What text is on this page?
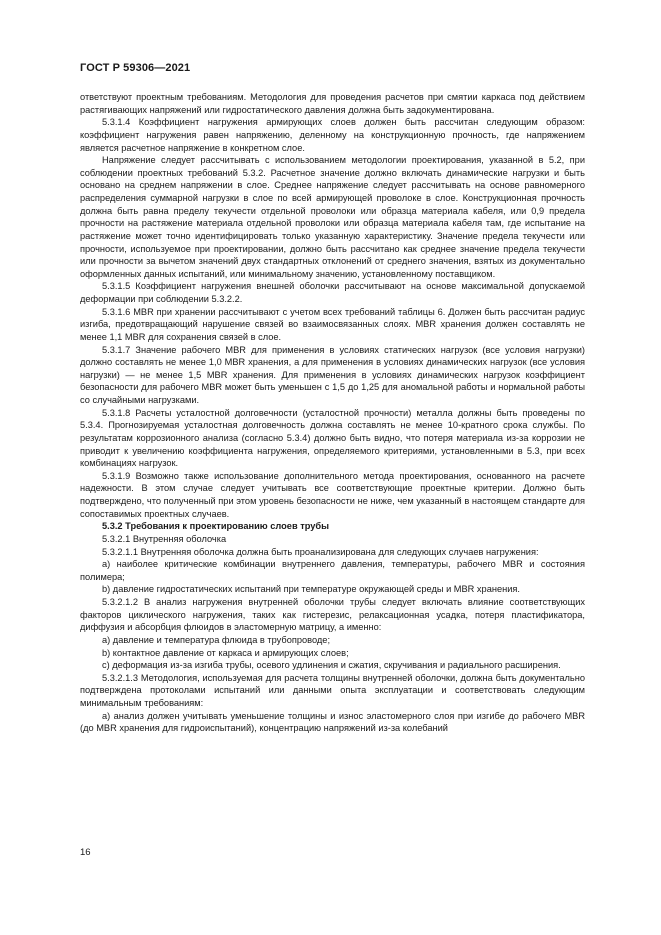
ГОСТ Р 59306—2021

ответствуют проектным требованиям. Методология для проведения расчетов при смятии каркаса под действием растягивающих напряжений или гидростатического давления должна быть задокументирована.

5.3.1.4 Коэффициент нагружения армирующих слоев должен быть рассчитан следующим образом: коэффициент нагружения равен напряжению, деленному на конструкционную прочность, где напряжением является расчетное напряжение в конкретном слое.

Напряжение следует рассчитывать с использованием методологии проектирования, указанной в 5.2, при соблюдении проектных требований 5.3.2. Расчетное значение должно включать динамические нагрузки и быть основано на среднем напряжении в слое. Среднее напряжение следует рассчитывать на основе равномерного распределения суммарной нагрузки в слое по всей армирующей проволоке в слое. Конструкционная прочность должна быть равна пределу текучести отдельной проволоки или образца материала кабеля, или 0,9 предела прочности на растяжение материала отдельной проволоки или образца материала кабеля там, где испытание на растяжение может точно идентифицировать только указанную характеристику. Значение предела текучести или прочности, используемое при проектировании, должно быть рассчитано как среднее значение предела текучести или прочности за вычетом значений двух стандартных отклонений от среднего значения, взятых из документально оформленных данных испытаний, или минимальному значению, установленному поставщиком.

5.3.1.5 Коэффициент нагружения внешней оболочки рассчитывают на основе максимальной допускаемой деформации при соблюдении 5.3.2.2.

5.3.1.6 MBR при хранении рассчитывают с учетом всех требований таблицы 6. Должен быть рассчитан радиус изгиба, предотвращающий нарушение связей во взаимосвязанных слоях. MBR хранения должен составлять не менее 1,1 MBR для сохранения связей в слое.

5.3.1.7 Значение рабочего MBR для применения в условиях статических нагрузок (все условия нагрузки) должно составлять не менее 1,0 MBR хранения, а для применения в условиях динамических нагрузок (все условия нагрузки) — не менее 1,5 MBR хранения. Для применения в условиях динамических нагрузок коэффициент безопасности для рабочего MBR может быть уменьшен с 1,5 до 1,25 для аномальной работы и нормальной работы со случайными нагрузками.

5.3.1.8 Расчеты усталостной долговечности (усталостной прочности) металла должны быть проведены по 5.3.4. Прогнозируемая усталостная долговечность должна составлять не менее 10-кратного срока службы. По результатам коррозионного анализа (согласно 5.3.4) должно быть видно, что потеря материала из-за коррозии не приводит к увеличению коэффициента нагружения, определяемого критериями, установленными в 5.3, при всех комбинациях нагрузок.

5.3.1.9 Возможно также использование дополнительного метода проектирования, основанного на расчете надежности. В этом случае следует учитывать все соответствующие проектные критерии. Должно быть подтверждено, что полученный при этом уровень безопасности не ниже, чем указанный в настоящем стандарте для сопоставимых проектных случаев.

5.3.2 Требования к проектированию слоев трубы

5.3.2.1 Внутренняя оболочка

5.3.2.1.1 Внутренняя оболочка должна быть проанализирована для следующих случаев нагружения:

a) наиболее критические комбинации внутреннего давления, температуры, рабочего MBR и состояния полимера;

b) давление гидростатических испытаний при температуре окружающей среды и MBR хранения.

5.3.2.1.2 В анализ нагружения внутренней оболочки трубы следует включать влияние соответствующих факторов циклического нагружения, таких как гистерезис, релаксационная усадка, потеря пластификатора, диффузия и абсорбция флюидов в эластомерную матрицу, а именно:

a) давление и температура флюида в трубопроводе;

b) контактное давление от каркаса и армирующих слоев;

c) деформация из-за изгиба трубы, осевого удлинения и сжатия, скручивания и радиального расширения.

5.3.2.1.3 Методология, используемая для расчета толщины внутренней оболочки, должна быть документально подтверждена протоколами испытаний или данными опыта эксплуатации и соответствовать следующим минимальным требованиям:

a) анализ должен учитывать уменьшение толщины и износ эластомерного слоя при изгибе до рабочего MBR (до MBR хранения для гидроиспытаний), концентрацию напряжений из-за колебаний

16
